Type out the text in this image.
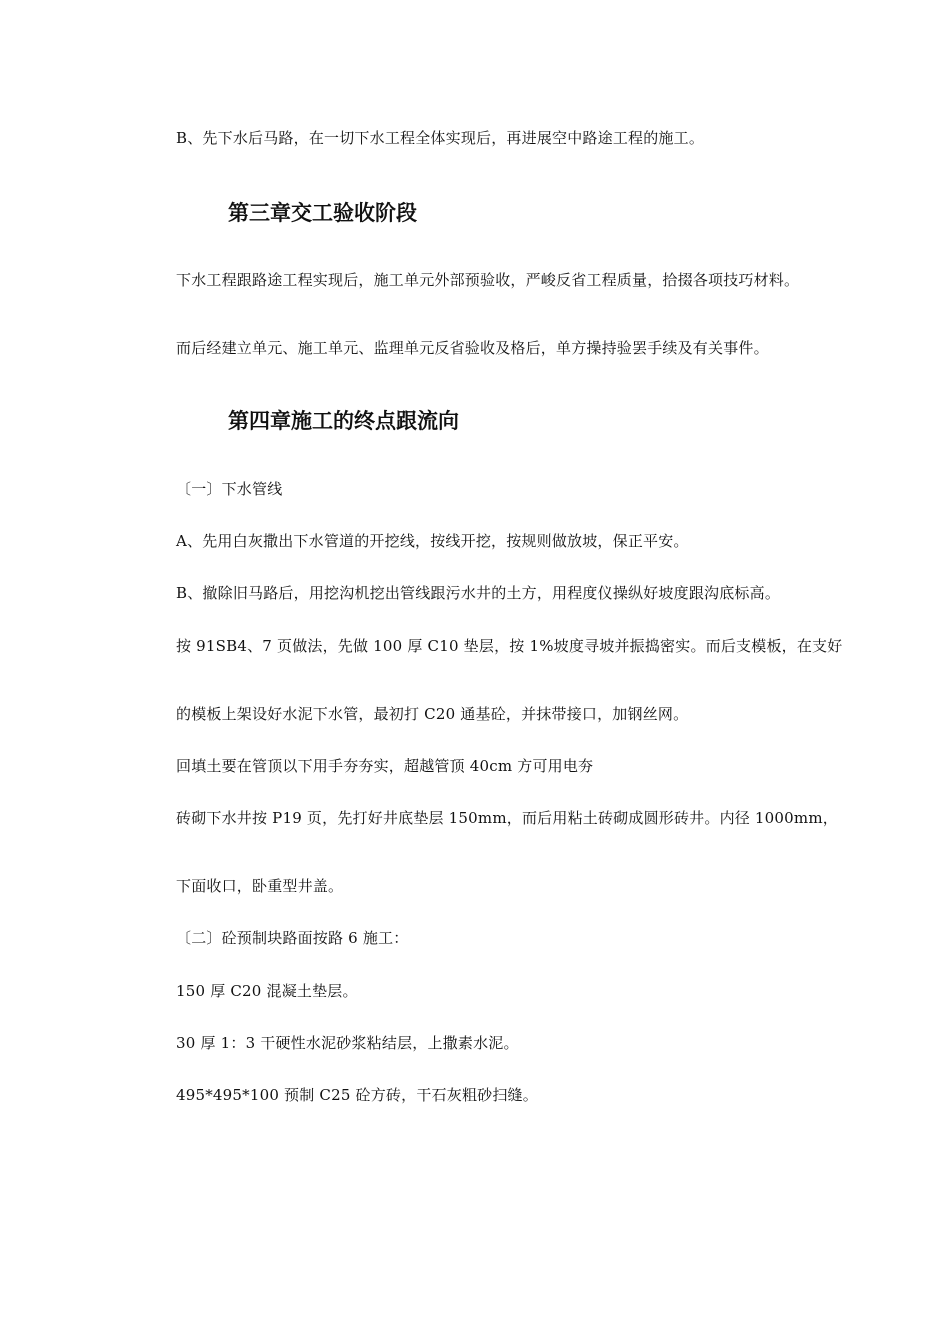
B、先下水后马路，在一切下水工程全体实现后，再进展空中路途工程的施工。
第三章交工验收阶段
下水工程跟路途工程实现后，施工单元外部预验收，严峻反省工程质量，拾掇各项技巧材料。
而后经建立单元、施工单元、监理单元反省验收及格后，单方操持验罢手续及有关事件。
第四章施工的终点跟流向
〔一〕下水管线
A、先用白灰撒出下水管道的开挖线，按线开挖，按规则做放坡，保正平安。
B、撤除旧马路后，用挖沟机挖出管线跟污水井的土方，用程度仪操纵好坡度跟沟底标高。
按 91SB4、7 页做法，先做 100 厚 C10 垫层，按 1%坡度寻坡并振捣密实。而后支模板，在支好
的模板上架设好水泥下水管，最初打 C20 通基砼，并抹带接口，加钢丝网。
回填土要在管顶以下用手夯夯实，超越管顶 40cm 方可用电夯
砖砌下水井按 P19 页，先打好井底垫层 150mm，而后用粘土砖砌成圆形砖井。内径 1000mm，
下面收口，卧重型井盖。
〔二〕砼预制块路面按路 6 施工：
150 厚 C20 混凝土垫层。
30 厚 1：3 干硬性水泥砂浆粘结层，上撒素水泥。
495*495*100 预制 C25 砼方砖，干石灰粗砂扫缝。
